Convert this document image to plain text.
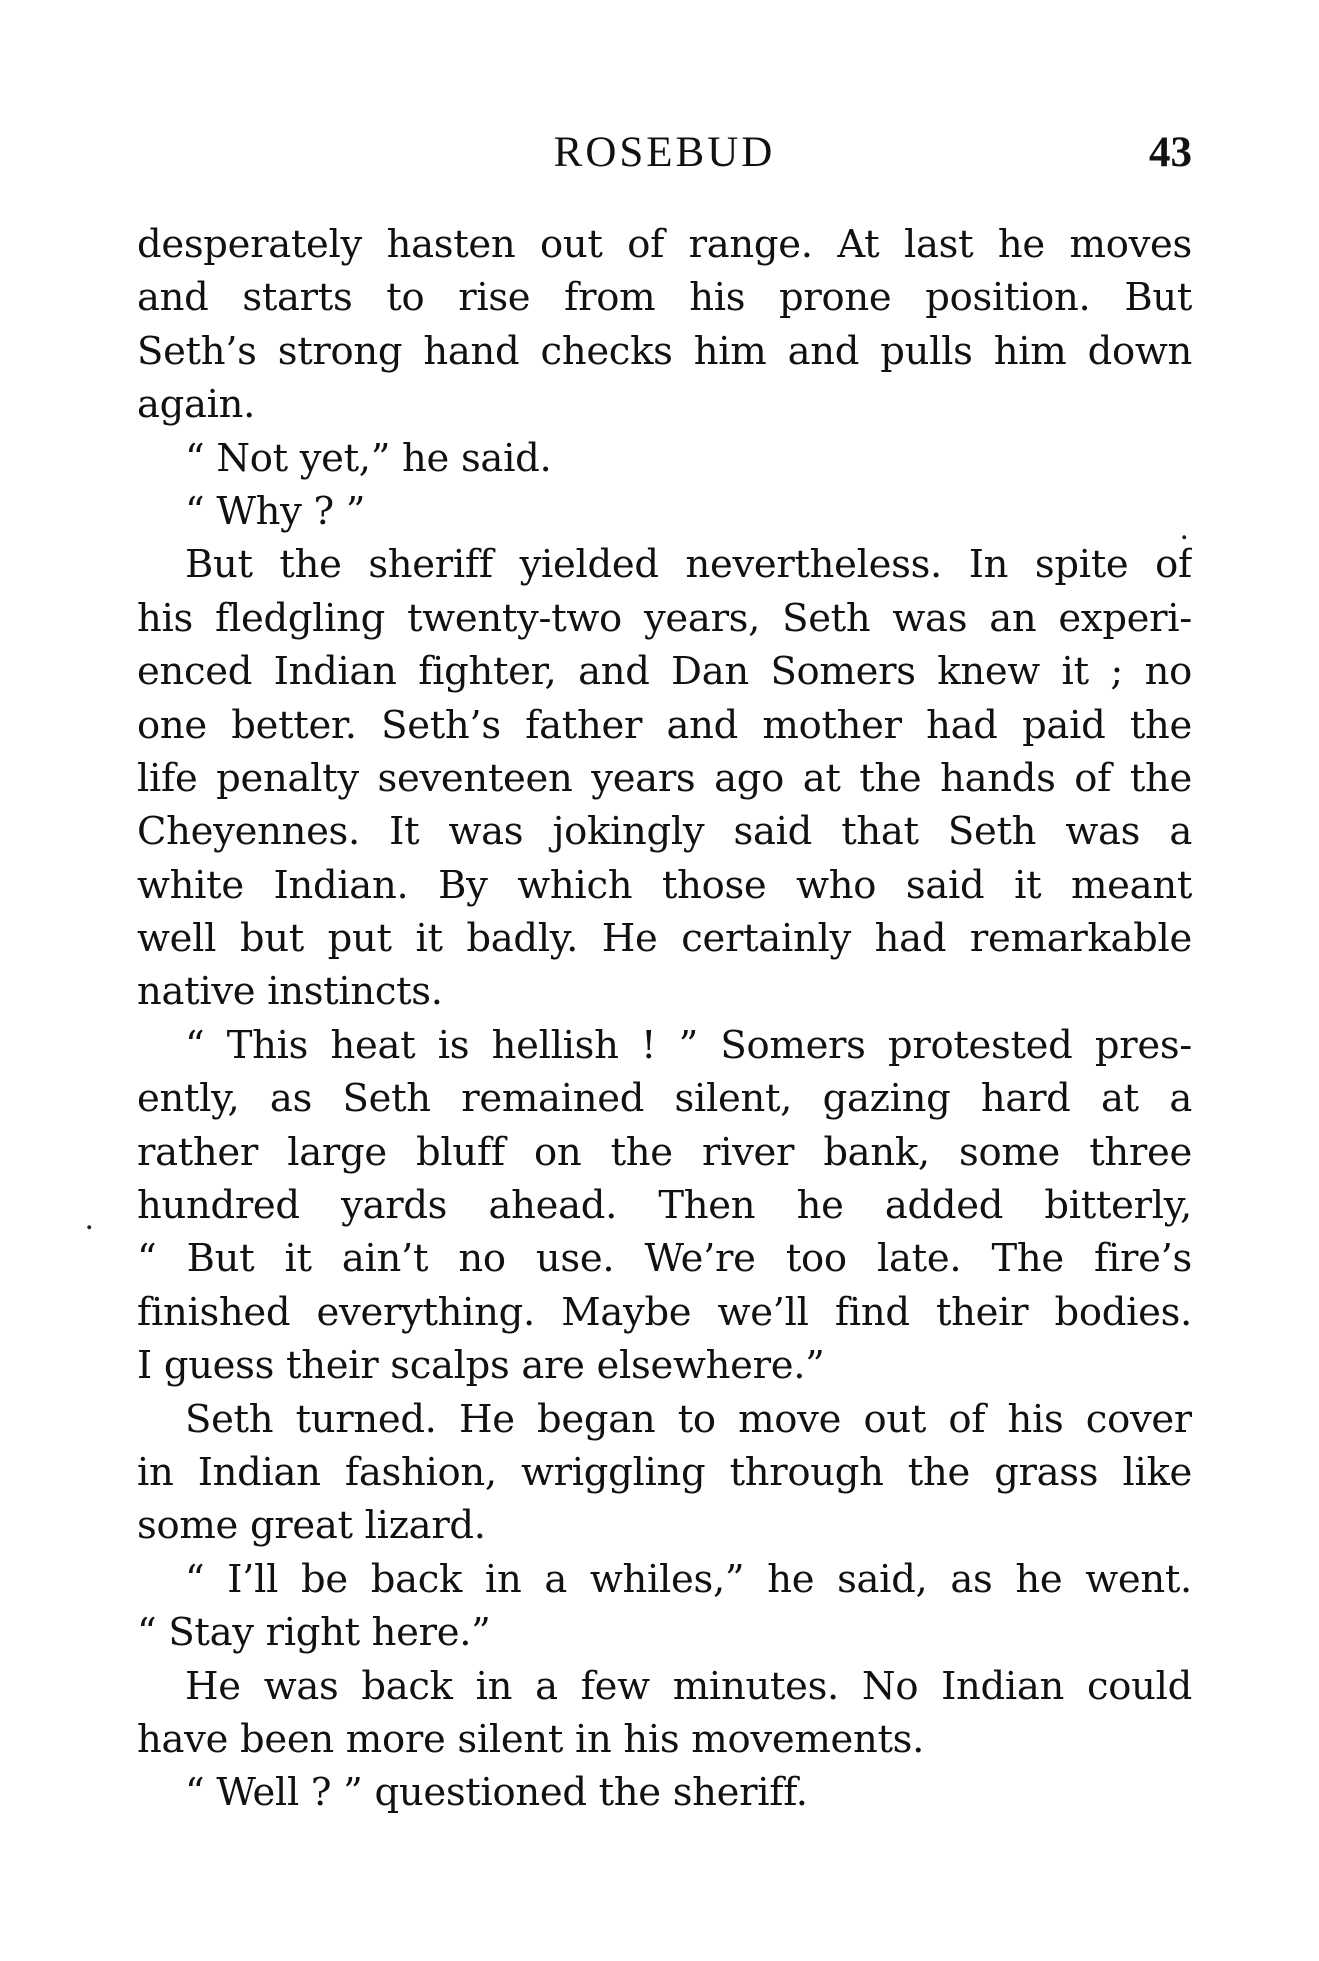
ROSEBUD	43
desperately hasten out of range. At last he moves
and starts to rise from his prone position. But
Seth’s strong hand checks him and pulls him down
again.
“ Not yet,” he said.
“ Why ? ”
But the sheriff yielded nevertheless. In spite of
his fledgling twenty-two years, Seth was an experi-
enced Indian fighter, and Dan Somers knew it ; no
one better. Seth’s father and mother had paid the
life penalty seventeen years ago at the hands of the
Cheyennes. It was jokingly said that Seth was a
white Indian. By which those who said it meant
well but put it badly. He certainly had remarkable
native instincts.
“ This heat is hellish ! ” Somers protested pres-
ently, as Seth remained silent, gazing hard at a
rather large bluff on the river bank, some three
hundred yards ahead. Then he added bitterly,
“ But it ain’t no use. We’re too late. The fire’s
finished everything. Maybe we’ll find their bodies.
I guess their scalps are elsewhere.”
Seth turned. He began to move out of his cover
in Indian fashion, wriggling through the grass like
some great lizard.
“ I’ll be back in a whiles,” he said, as he went.
“ Stay right here.”
He was back in a few minutes. No Indian could
have been more silent in his movements.
“ Well ? ” questioned the sheriff.
.
.
